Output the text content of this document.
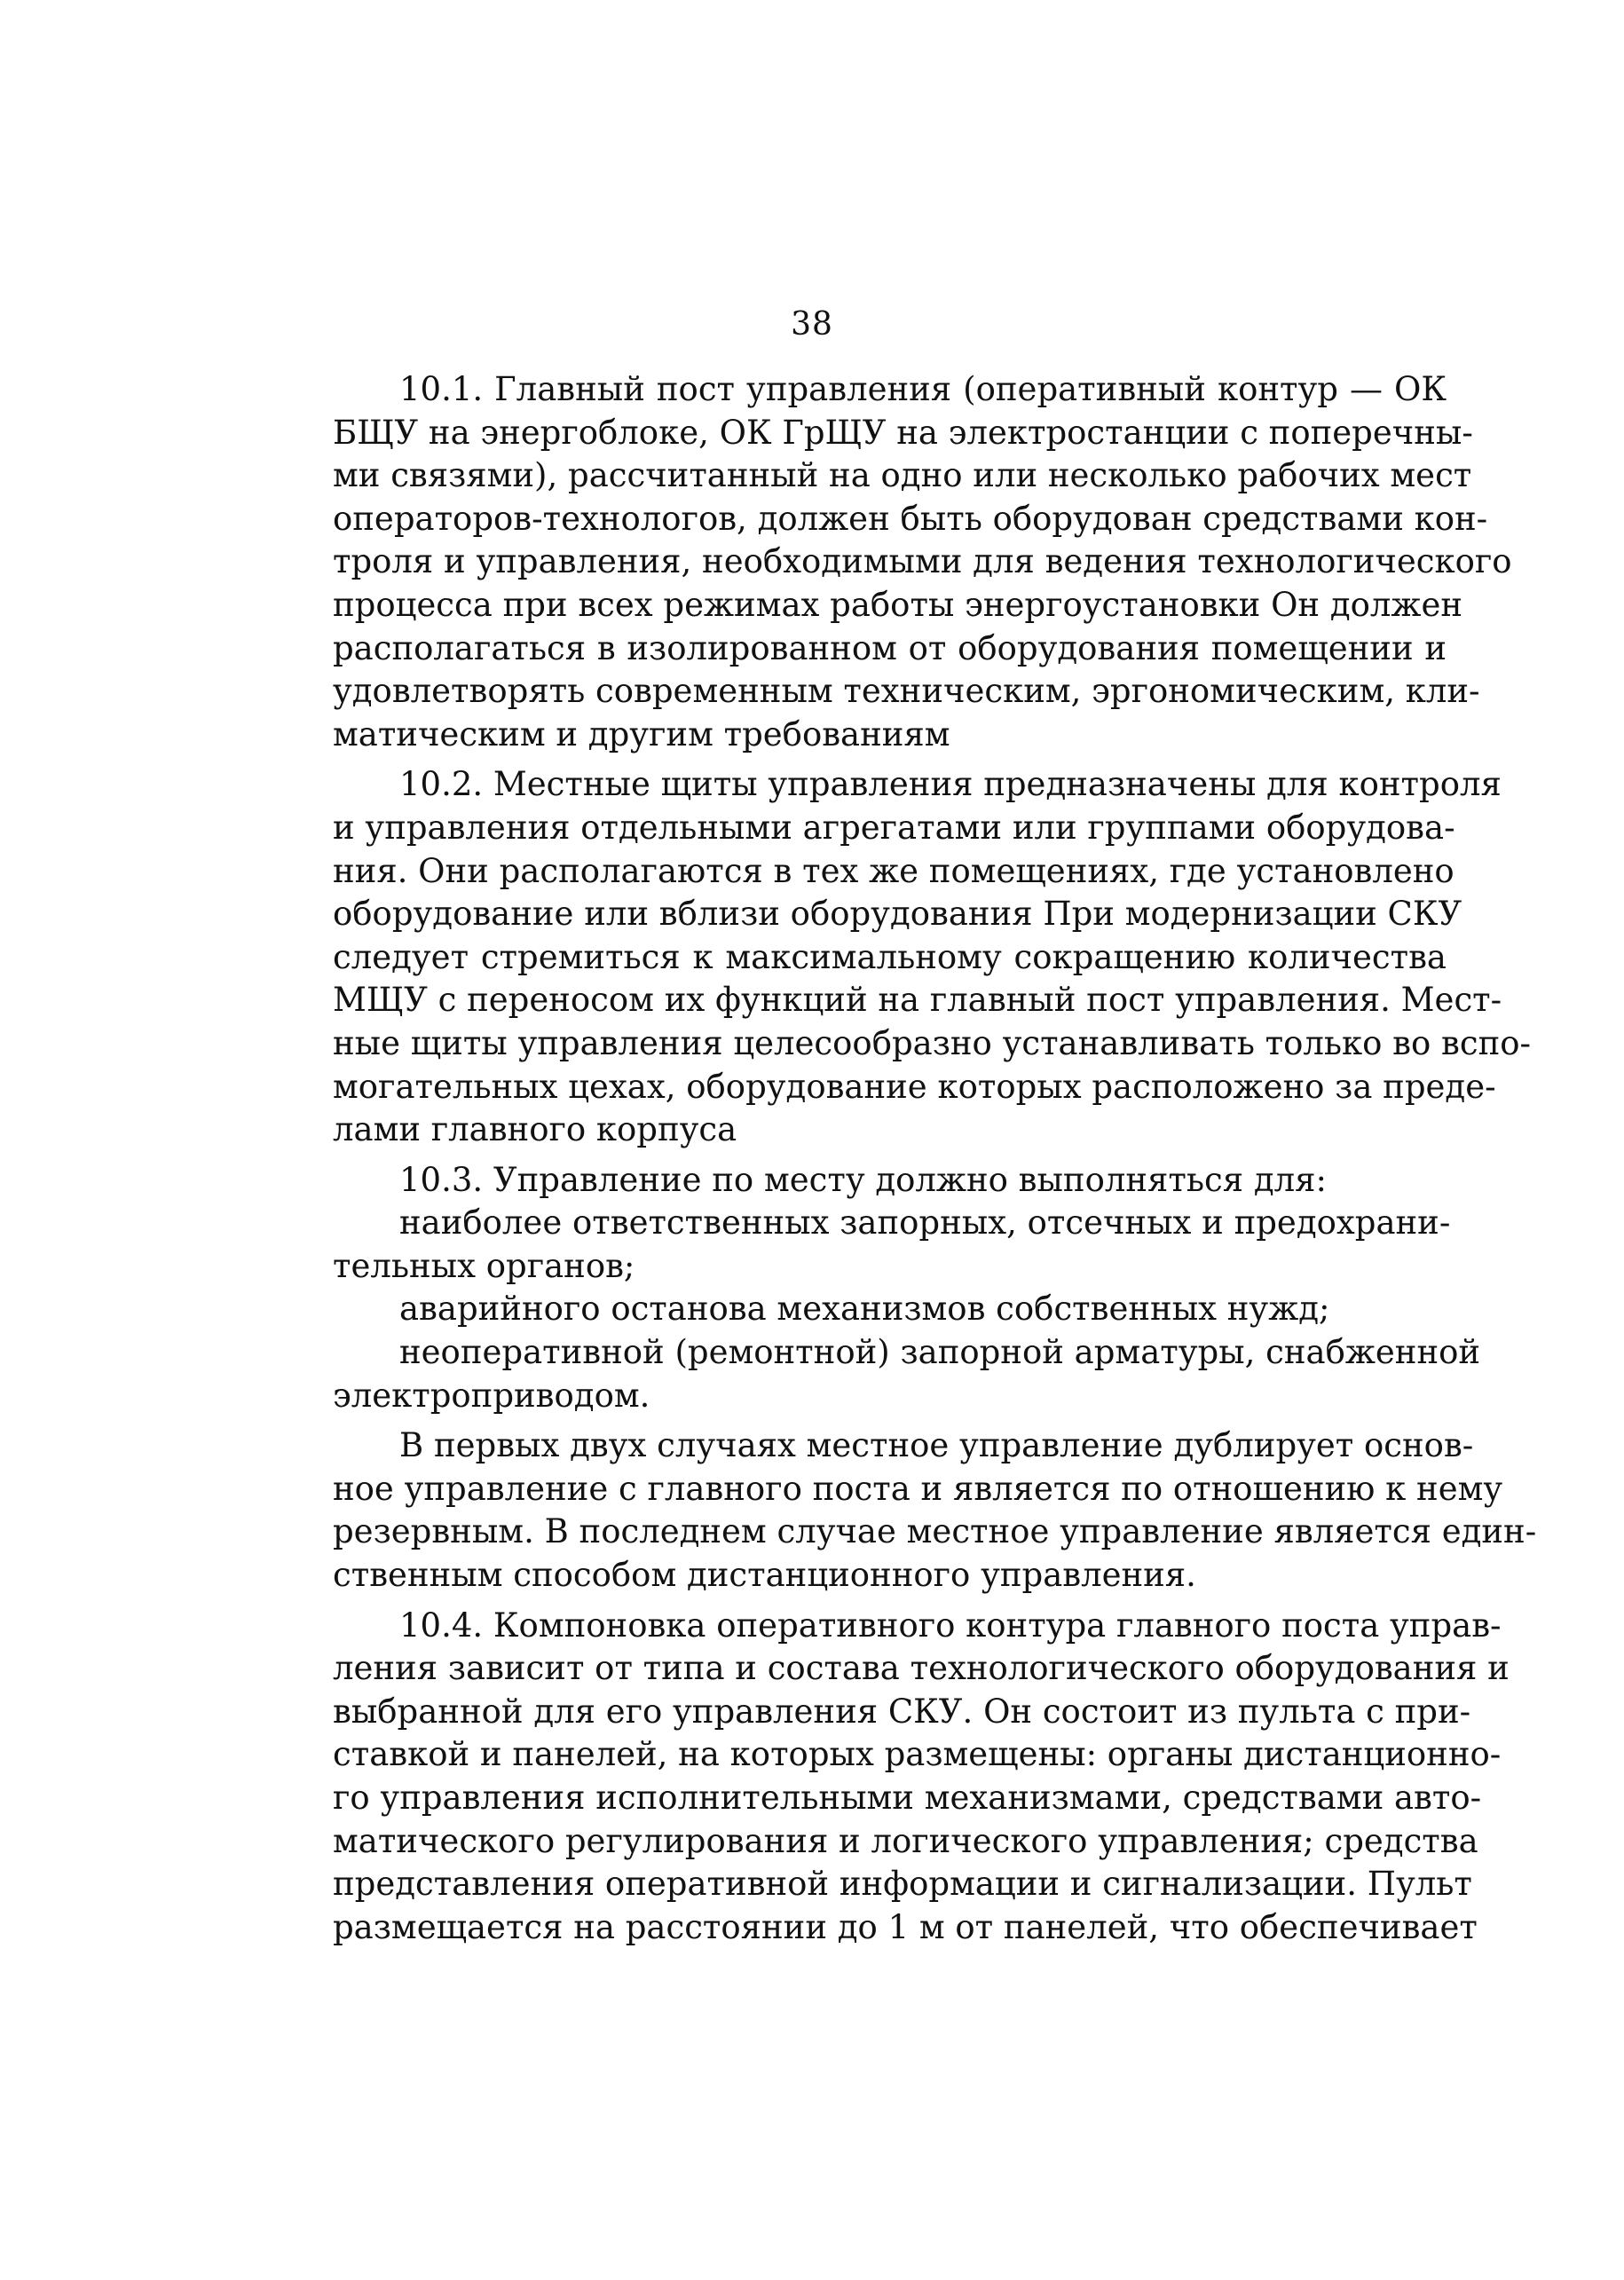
38
10.1. Главный пост управления (оперативный контур — ОК
БЩУ на энергоблоке, ОК ГрЩУ на электростанции с поперечны-
ми связями), рассчитанный на одно или несколько рабочих мест
операторов-технологов, должен быть оборудован средствами кон-
троля и управления, необходимыми для ведения технологического
процесса при всех режимах работы энергоустановки Он должен
располагаться в изолированном от оборудования помещении и
удовлетворять современным техническим, эргономическим, кли-
матическим и другим требованиям
10.2. Местные щиты управления предназначены для контроля
и управления отдельными агрегатами или группами оборудова-
ния. Они располагаются в тех же помещениях, где установлено
оборудование или вблизи оборудования При модернизации СКУ
следует стремиться к максимальному сокращению количества
МЩУ с переносом их функций на главный пост управления. Мест-
ные щиты управления целесообразно устанавливать только во вспо-
могательных цехах, оборудование которых расположено за преде-
лами главного корпуса
10.3. Управление по месту должно выполняться для:
наиболее ответственных запорных, отсечных и предохрани-
тельных органов;
аварийного останова механизмов собственных нужд;
неоперативной (ремонтной) запорной арматуры, снабженной
электроприводом.
В первых двух случаях местное управление дублирует основ-
ное управление с главного поста и является по отношению к нему
резервным. В последнем случае местное управление является един-
ственным способом дистанционного управления.
10.4. Компоновка оперативного контура главного поста управ-
ления зависит от типа и состава технологического оборудования и
выбранной для его управления СКУ. Он состоит из пульта с при-
ставкой и панелей, на которых размещены: органы дистанционно-
го управления исполнительными механизмами, средствами авто-
матического регулирования и логического управления; средства
представления оперативной информации и сигнализации. Пульт
размещается на расстоянии до 1 м от панелей, что обеспечивает
